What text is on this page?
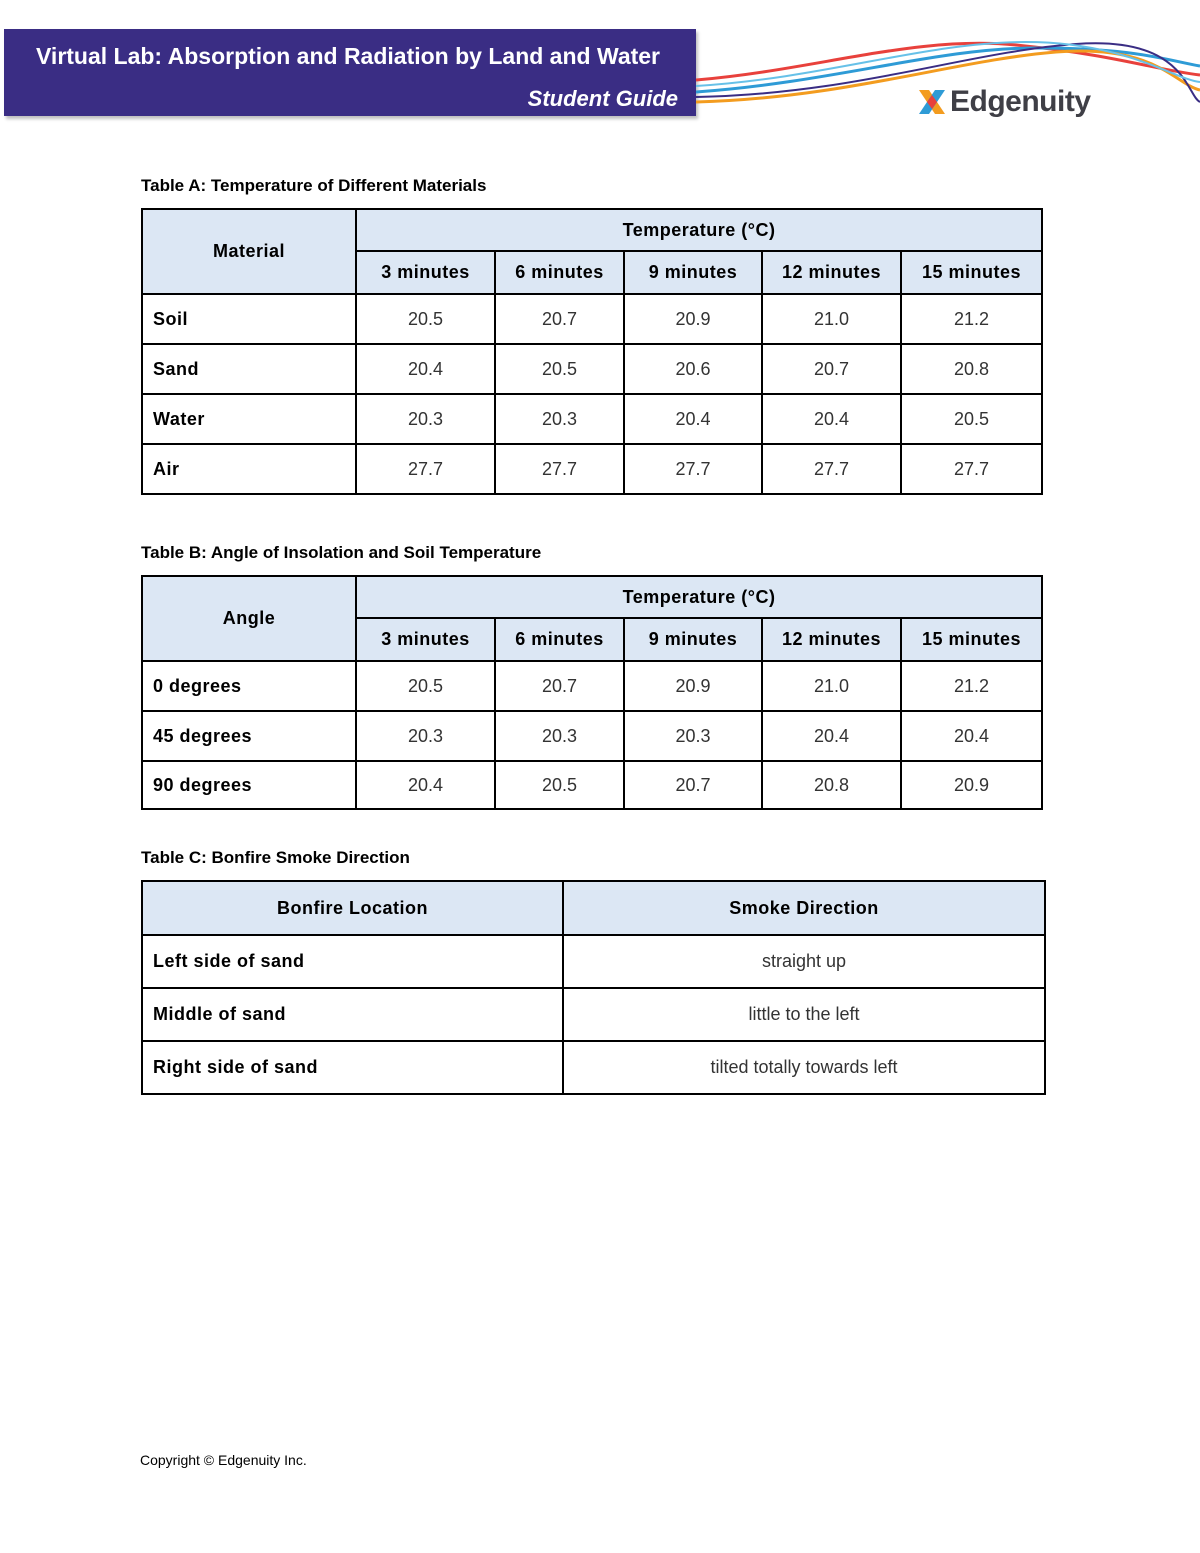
Virtual Lab: Absorption and Radiation by Land and Water
Student Guide	Edgenuity
Table A: Temperature of Different Materials
Material	Temperature (°C)				
	3 minutes	6 minutes	9 minutes	12 minutes	15 minutes
Soil	20.5	20.7	20.9	21.0	21.2
Sand	20.4	20.5	20.6	20.7	20.8
Water	20.3	20.3	20.4	20.4	20.5
Air	27.7	27.7	27.7	27.7	27.7
Table B: Angle of Insolation and Soil Temperature
Angle	Temperature (°C)				
	3 minutes	6 minutes	9 minutes	12 minutes	15 minutes
0 degrees	20.5	20.7	20.9	21.0	21.2
45 degrees	20.3	20.3	20.3	20.4	20.4
90 degrees	20.4	20.5	20.7	20.8	20.9
Table C: Bonfire Smoke Direction
Bonfire Location	Smoke Direction
Left side of sand	straight up
Middle of sand	little to the left
Right side of sand	tilted totally towards left
Copyright © Edgenuity Inc.
